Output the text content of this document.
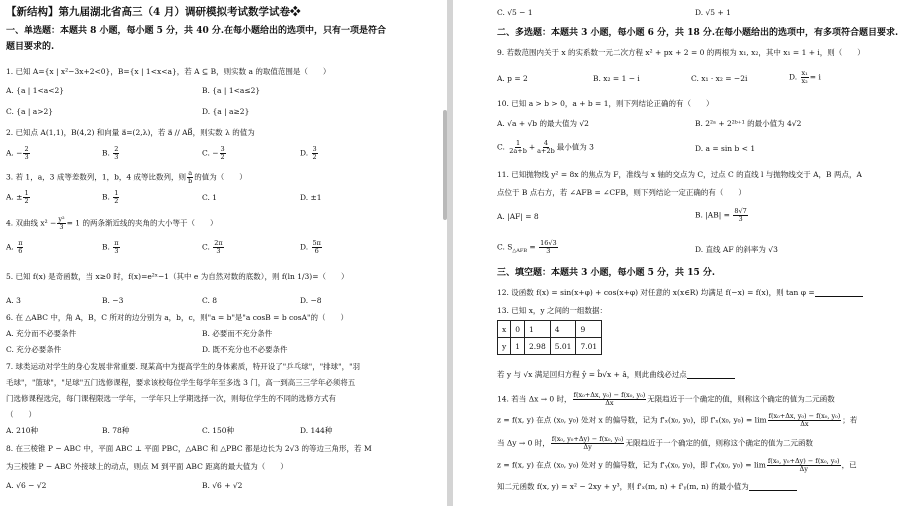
【新结构】第九届湖北省高三（4 月）调研模拟考试数学试卷❖
一、单选题：本题共 8 小题，每小题 5 分，共 40 分.在每小题给出的选项中，只有一项是符合
题目要求的.
1. 已知 A={x | x²−3x+2<0}，B={x | 1<x<a}，若 A ⊆ B，则实数 a 的取值范围是（　　）
A. {a | 1<a<2}	B. {a | 1<a≤2}
C. {a | a>2}	D. {a | a≥2}
2. 已知点 A(1,1)，B(4,2) 和向量 a⃗=(2,λ)，若 a⃗ // AB⃗，则实数 λ 的值为
A. − $\frac{2}{3}$	B. $\frac{2}{3}$	C. − $\frac{3}{2}$	D. $\frac{3}{2}$
3. 若 1，a，3 成等差数列，1，b，4 成等比数列，则 $\frac{a}{b}$ 的值为（　　）
A. ± $\frac{1}{2}$	B. $\frac{1}{2}$	C. 1	D. ±1
4. 双曲线 $x^2 - \frac{\text{y²}}{3} = 1$ 的两条渐近线的夹角的大小等于（　　）
A. $\frac{\pi}{6}$	B. $\frac{\pi}{3}$	C. $\frac{2\pi}{3}$	D. $\frac{5\pi}{6}$
5. 已知 f(x) 是奇函数，当 x≥0 时，f(x)=e²ˣ−1（其中 e 为自然对数的底数），则 f(ln 1/3)=（　　）
A. 3	B. −3	C. 8	D. −8
6. 在 △ABC 中，角 A，B，C 所对的边分别为 a，b，c，则"a = b"是"a cosB = b cosA"的（　　）
A. 充分而不必要条件	B. 必要而不充分条件
C. 充分必要条件	D. 既不充分也不必要条件
7. 球类运动对学生的身心发展非常重要. 现某高中为提高学生的身体素质，特开设了"乒乓球"，"排球"，"羽
毛球"，"篮球"，"足球"五门选修课程，要求该校每位学生每学年至多选 3 门，高一到高三三学年必须将五
门选修课程选完，每门课程限选一学年，一学年只上学期选择一次，则每位学生的不同的选修方式有
（　　）
A. 210种	B. 78种	C. 150种	D. 144种
8. 在三棱锥 P − ABC 中，平面 ABC ⊥ 平面 PBC，△ABC 和 △PBC 都是边长为 2√3 的等边三角形，若 M
为三棱锥 P − ABC 外接球上的动点，则点 M 到平面 ABC 距离的最大值为（　　）
A. √6 − √2	B. √6 + √2
C. √5 − 1	D. √5 + 1
二、多选题：本题共 3 小题，每小题 6 分，共 18 分.在每小题给出的选项中，有多项符合题目要求.
9. 若数范围内关于 x 的实系数一元二次方程 x² + px + 2 = 0 的两根为 x₁, x₂，其中 x₁ = 1 + i，则（　　）
A. p = 2	B. x₂ = 1 − i	C. x₁ · x₂ = −2i	D. $\frac{\text{x₁}}{\text{x₂}} = i$
10. 已知 a > b > 0，a + b = 1，则下列结论正确的有（　　）
A. √a + √b 的最大值为 √2	B. 2²ᵃ + 2²ᵇ⁺¹ 的最小值为 4√2
C. $\frac{1}{2a+b} + \frac{4}{a+2b}$ 最小值为 3	D. a = sin b < 1
11. 已知抛物线 y² = 8x 的焦点为 F，准线与 x 轴的交点为 C，过点 C 的直线 l 与抛物线交于 A，B 两点，A
点位于 B 点右方，若 ∠AFB = ∠CFB，则下列结论一定正确的有（　　）
A. |AF| = 8	B. $|AB| = \frac{8√7}{3}$
C. $S_{\triangle AFB} = \frac{16√3}{3}$	D. 直线 AF 的斜率为 √3
三、填空题：本题共 3 小题，每小题 5 分，共 15 分.
12. 设函数 f(x) = sin(x+φ) + cos(x+φ) 对任意的 x(x∈R) 均满足 f(−x) = f(x)，则 tan φ =
13. 已知 x，y 之间的一组数据：
x	0	1	4	9
y	1	2.98	5.01	7.01
若 y 与 √x 满足回归方程 ŷ = b̂√x + â，则此曲线必过点
14. 若当 Δx → 0 时， $\frac{\text{f(x₀+Δx, y₀) − f(x₀, y₀)}}{\Delta x}$ 无限趋近于一个确定的值，则称这个确定的值为二元函数
z = f(x, y) 在点 (x₀, y₀) 处对 x 的偏导数，记为 f'ₓ(x₀, y₀)，即 f'ₓ(x₀, $y_0) = \lim \frac{\text{f(x₀+Δx, y₀) − f(x₀, y₀)}}{\Delta x}$ ；若
当 Δy → 0 时， $\frac{\text{f(x₀, y₀+Δy) − f(x₀, y₀)}}{\Delta y}$ 无限趋近于一个确定的值，则称这个确定的值为二元函数
z = f(x, y) 在点 (x₀, y₀) 处对 y 的偏导数，记为 f'ᵧ(x₀, y₀)，即 f'ᵧ(x₀, $y_0) = \lim \frac{\text{f(x₀, y₀+Δy) − f(x₀, y₀)}}{\Delta y}$ ，已
知二元函数 f(x, y) = x² − 2xy + y³，则 f'ₓ(m, n) + f'ᵧ(m, n) 的最小值为
